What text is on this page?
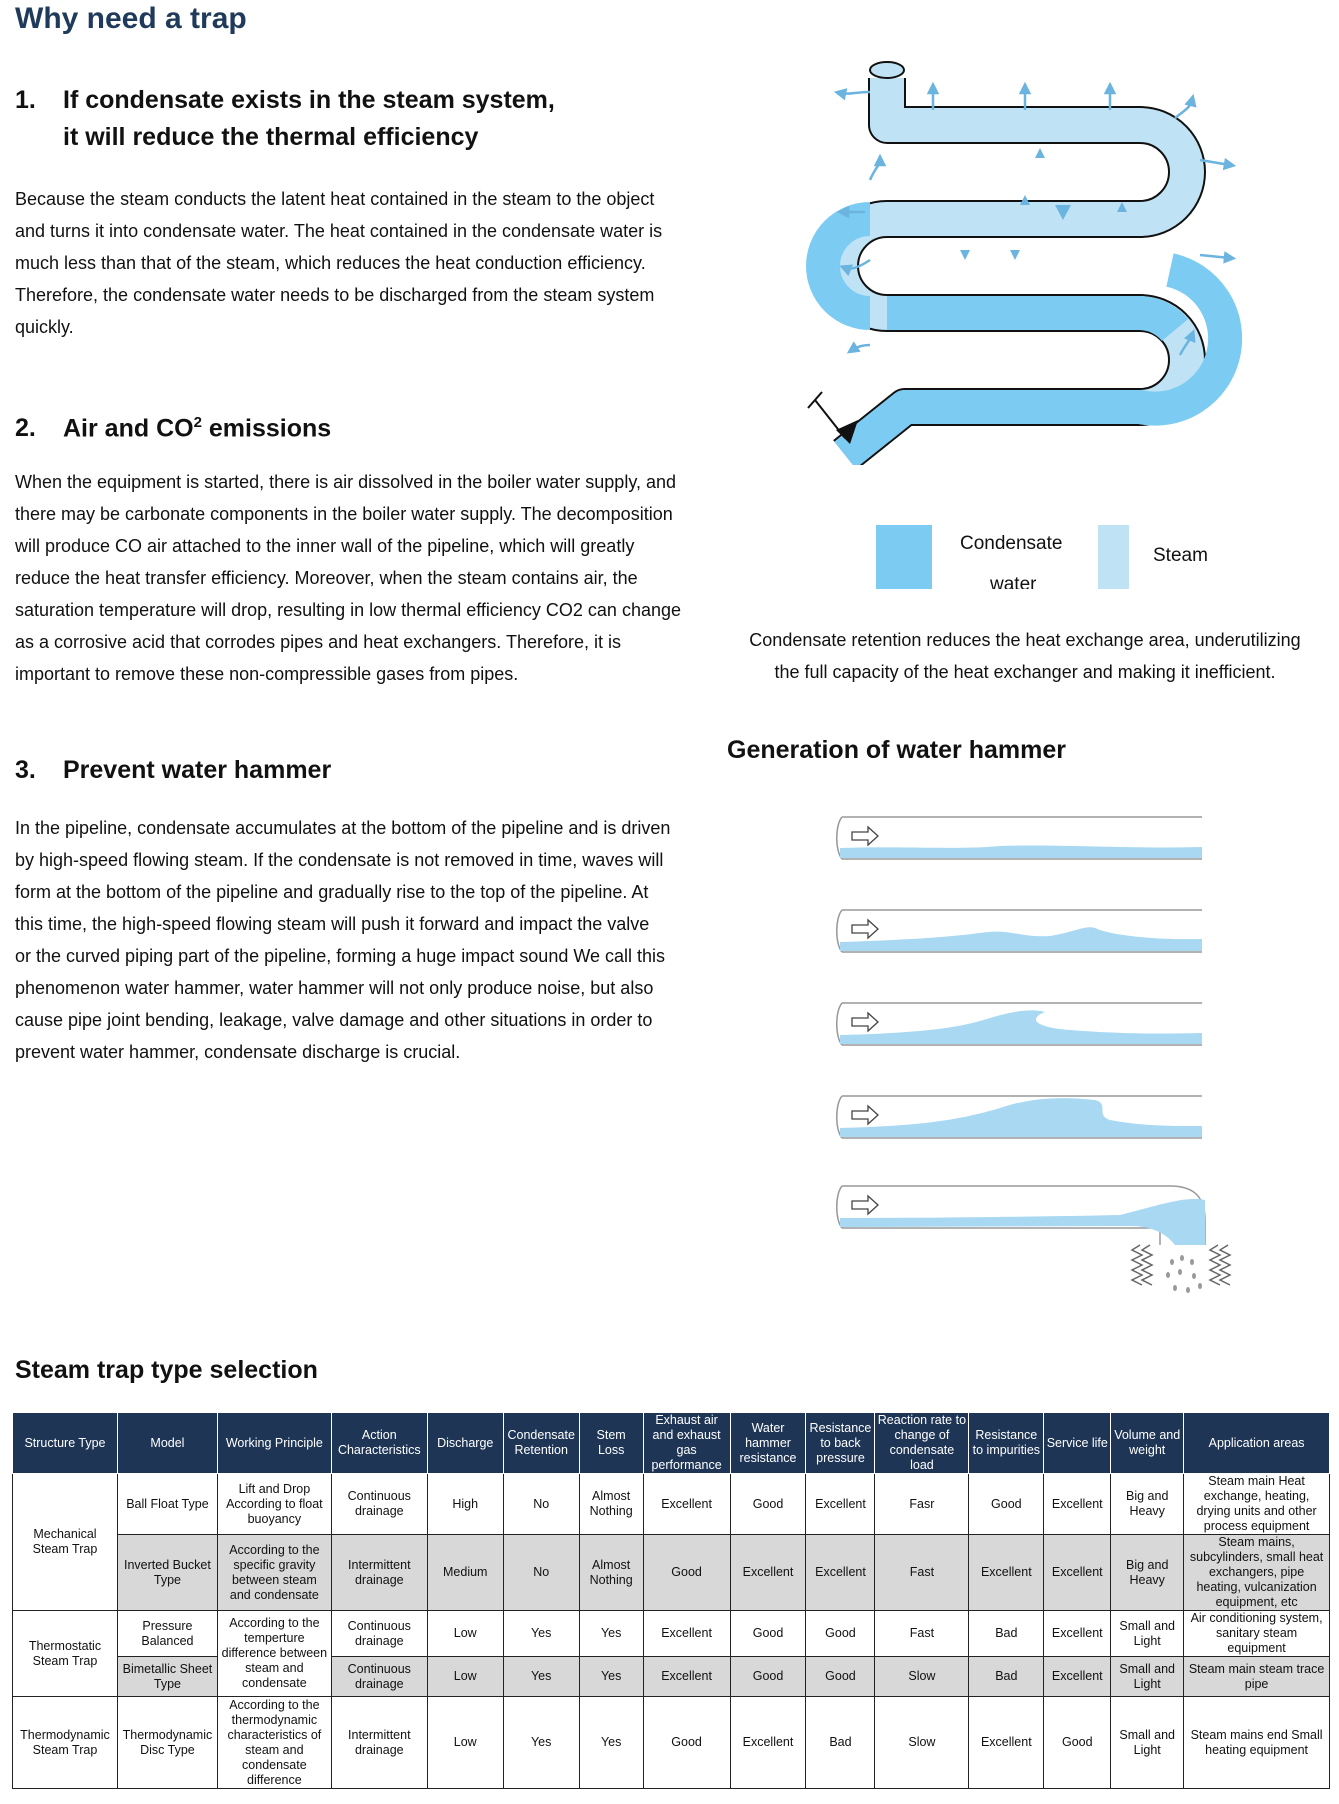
Why need a trap
1. If condensate exists in the steam system,
it will reduce the thermal efficiency

Because the steam conducts the latent heat contained in the steam to the object

and turns it into condensate water. The heat contained in the condensate water is

much less than that of the steam, which reduces the heat conduction efficiency.

Therefore, the condensate water needs to be discharged from the steam system

quickly.

2. Air and $CO^2$ emissions

When the equipment is started, there is air dissolved in the boiler water supply, and

there may be carbonate components in the boiler water supply. The decomposition

will produce CO air attached to the inner wall of the pipeline, which will greatly

reduce the heat transfer efficiency. Moreover, when the steam contains air, the

saturation temperature will drop, resulting in low thermal efficiency CO2 can change

as a corrosive acid that corrodes pipes and heat exchangers. Therefore, it is

important to remove these non-compressible gases from pipes.

3. Prevent water hammer

In the pipeline, condensate accumulates at the bottom of the pipeline and is driven

by high-speed flowing steam. If the condensate is not removed in time, waves will

form at the bottom of the pipeline and gradually rise to the top of the pipeline. At

this time, the high-speed flowing steam will push it forward and impact the valve

or the curved piping part of the pipeline, forming a huge impact sound We call this

phenomenon water hammer, water hammer will not only produce noise, but also

cause pipe joint bending, leakage, valve damage and other situations in order to

prevent water hammer, condensate discharge is crucial.

Condensate
water
Steam
Condensate retention reduces the heat exchange area, underutilizing
the full capacity of the heat exchanger and making it inefficient.
Generation of water hammer
Steam trap type selection
Structure Type	Model	Working Principle	Action Characteristics	Discharge	Condensate Retention	Stem Loss	Exhaust air and exhaust gas performance	Water hammer resistance	Resistance to back pressure	Reaction rate to change of condensate load	Resistance to impurities	Service life	Volume and weight	Application areas
Mechanical Steam Trap	Ball Float Type	Lift and Drop According to float buoyancy	Continuous drainage	High	No	Almost Nothing	Excellent	Good	Excellent	Fasr	Good	Excellent	Big and Heavy	Steam main Heat exchange, heating, drying units and other process equipment
	Inverted Bucket Type	According to the specific gravity between steam and condensate	Intermittent drainage	Medium	No	Almost Nothing	Good	Excellent	Excellent	Fast	Excellent	Excellent	Big and Heavy	Steam mains, subcylinders, small heat exchangers, pipe heating, vulcanization equipment, etc
Thermostatic Steam Trap	Pressure Balanced	According to the temperture difference between steam and condensate	Continuous drainage	Low	Yes	Yes	Excellent	Good	Good	Fast	Bad	Excellent	Small and Light	Air conditioning system, sanitary steam equipment
	Bimetallic Sheet Type		Continuous drainage	Low	Yes	Yes	Excellent	Good	Good	Slow	Bad	Excellent	Small and Light	Steam main steam trace pipe
Thermodynamic Steam Trap	Thermodynamic Disc Type	According to the thermodynamic characteristics of steam and condensate difference	Intermittent drainage	Low	Yes	Yes	Good	Excellent	Bad	Slow	Excellent	Good	Small and Light	Steam mains end Small heating equipment
